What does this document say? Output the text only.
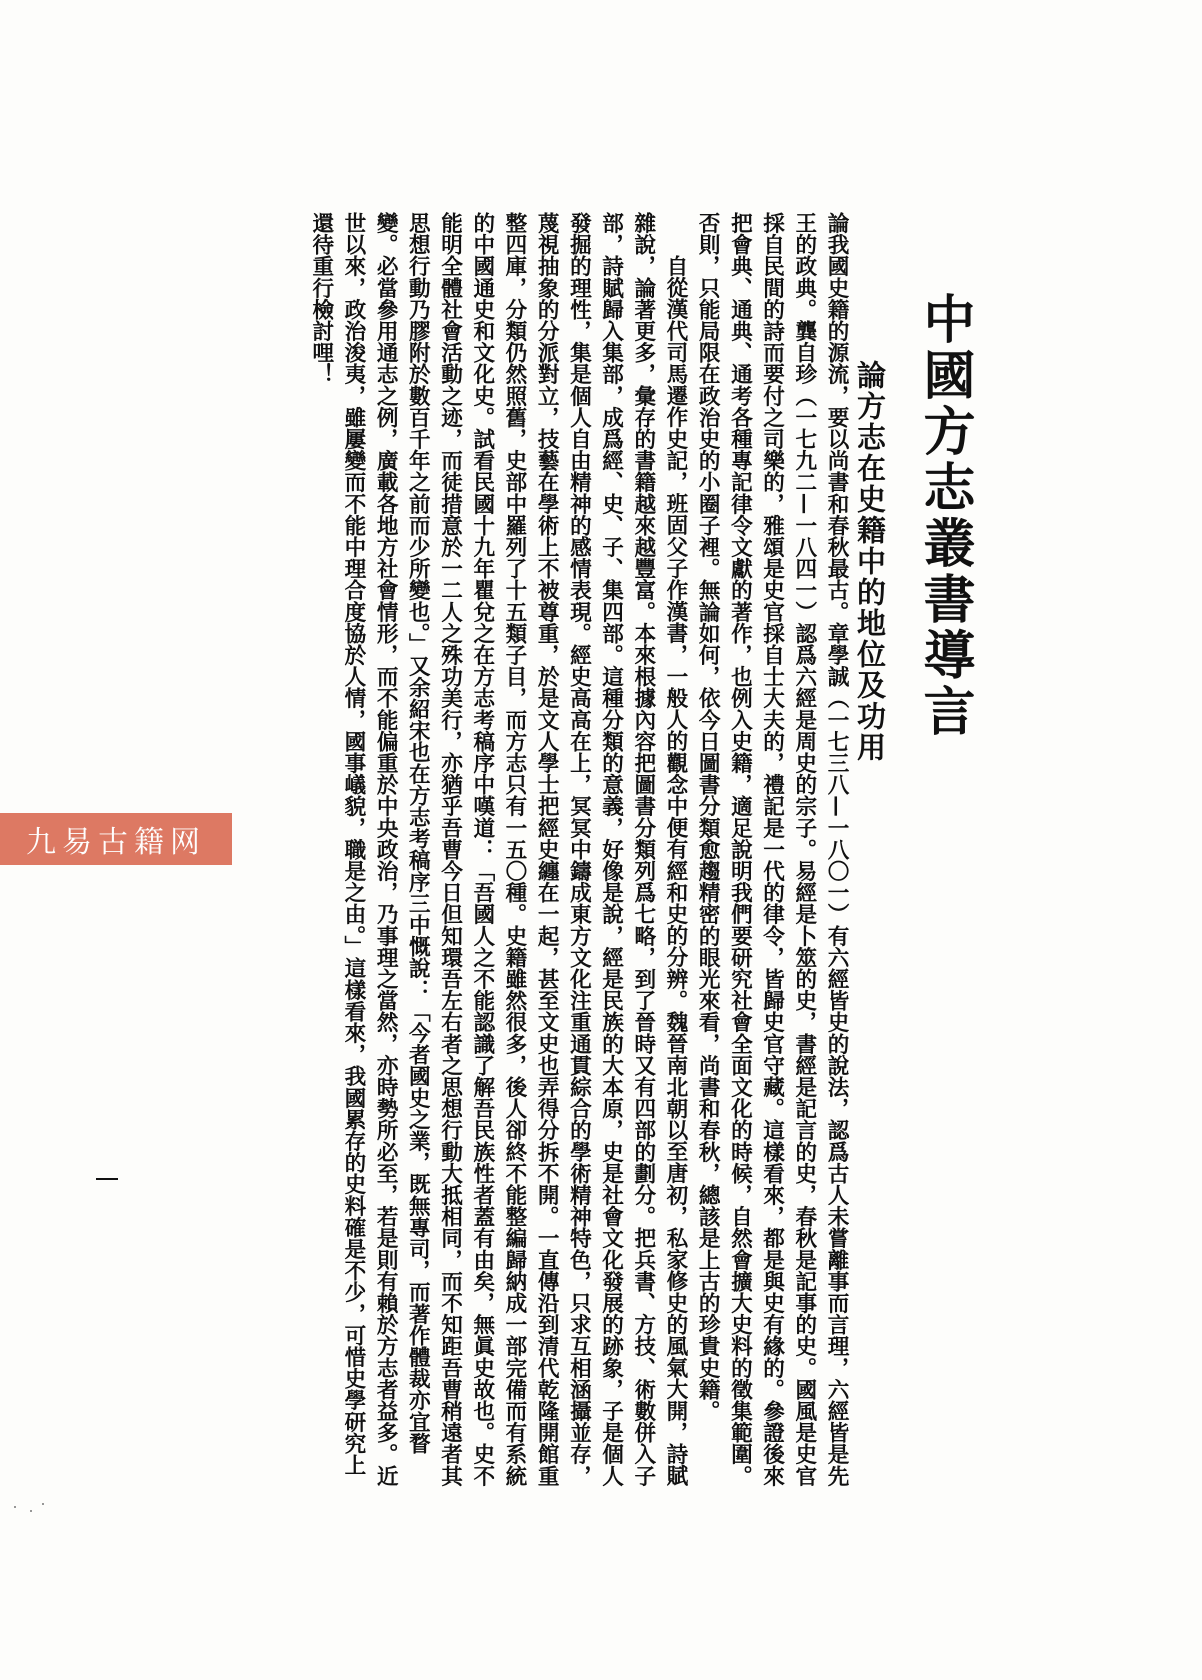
中國方志叢書導言
論方志在史籍中的地位及功用

論我國史籍的源流，要以尚書和春秋最古。章學誠（一七三八—一八〇一）有六經皆史的說法，認爲古人未嘗離事而言理，六經皆是先王的政典。龔自珍（一七九二—一八四一）認爲六經是周史的宗子。易經是卜筮的史，書經是記言的史，春秋是記事的史。國風是史官採自民間的詩而要付之司樂的，雅頌是史官採自士大夫的，禮記是一代的律令，皆歸史官守藏。這樣看來，都是與史有緣的。參證後來把會典、通典、通考各種專記律令文獻的著作，也例入史籍，適足說明我們要研究社會全面文化的時候，自然會擴大史料的徵集範圍。否則，只能局限在政治史的小圈子裡。無論如何，依今日圖書分類愈趨精密的眼光來看，尚書和春秋，總該是上古的珍貴史籍。

自從漢代司馬遷作史記，班固父子作漢書，一般人的觀念中便有經和史的分辨。魏晉南北朝以至唐初，私家修史的風氣大開，詩賦雜說，論著更多，彙存的書籍越來越豐富。本來根據內容把圖書分類列爲七略，到了晉時又有四部的劃分。把兵書、方技、術數併入子部，詩賦歸入集部，成爲經、史、子、集四部。這種分類的意義，好像是說，經是民族的大本原，史是社會文化發展的跡象，子是個人發掘的理性，集是個人自由精神的感情表現。經史高高在上，冥冥中鑄成東方文化注重通貫綜合的學術精神特色，只求互相涵攝並存，蔑視抽象的分派對立，技藝在學術上不被尊重，於是文人學士把經史纏在一起，甚至文史也弄得分拆不開。一直傳沿到清代乾隆開館重整四庫，分類仍然照舊，史部中羅列了十五類子目，而方志只有一五〇種。史籍雖然很多，後人卻終不能整編歸納成一部完備而有系統的中國通史和文化史。試看民國十九年瞿兌之在方志考稿序中嘆道：「吾國人之不能認識了解吾民族性者蓋有由矣，無眞史故也。史不能明全體社會活動之迹，而徒措意於一二人之殊功美行，亦猶乎吾曹今日但知環吾左右者之思想行動大抵相同，而不知距吾曹稍遠者其思想行動乃膠附於數百千年之前而少所變也。」又余紹宋也在方志考稿序三中慨說：「今者國史之業，既無專司，而著作體裁亦宜瞀變。必當參用通志之例，廣載各地方社會情形，而不能偏重於中央政治，乃事理之當然，亦時勢所必至，若是則有賴於方志者益多。近世以來，政治浚夷，雖屢變而不能中理合度協於人情，國事嶬貌，職是之由。」這樣看來，我國累存的史料確是不少，可惜史學研究上還待重行檢討哩！

九易古籍网
